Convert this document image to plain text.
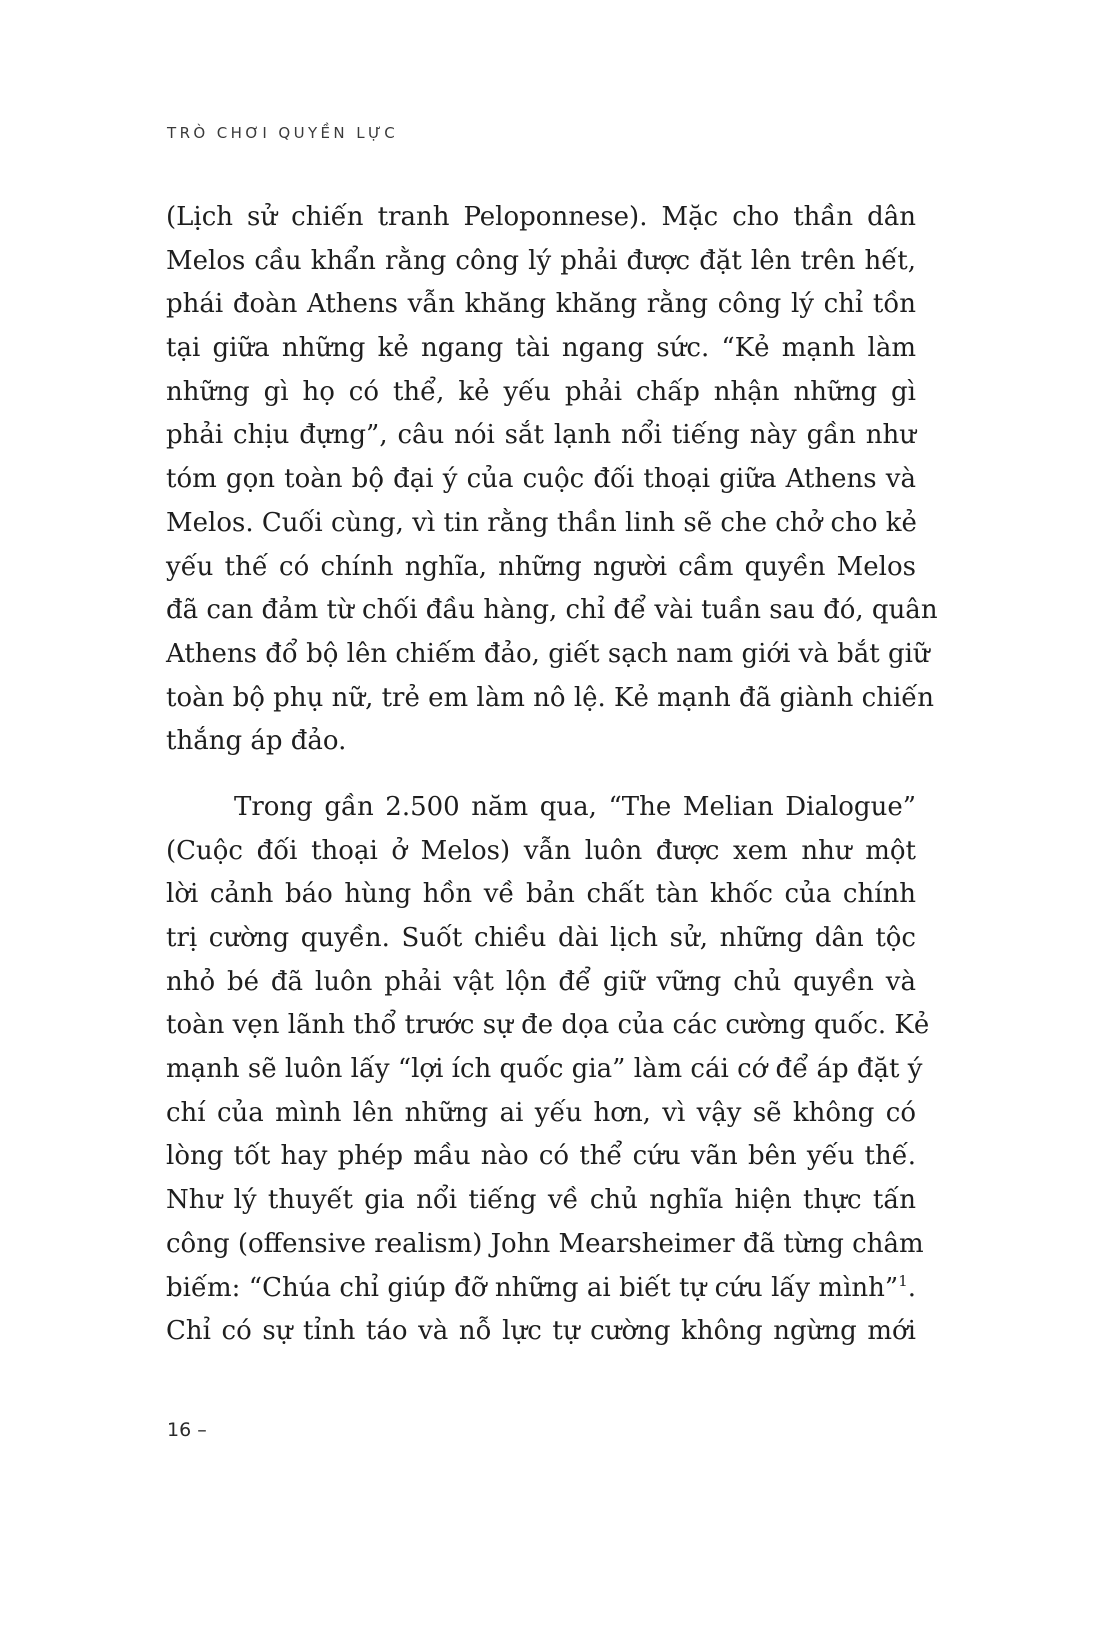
TRÒ CHƠI QUYỀN LỰC
(Lịch sử chiến tranh Peloponnese). Mặc cho thần dân
Melos cầu khẩn rằng công lý phải được đặt lên trên hết,
phái đoàn Athens vẫn khăng khăng rằng công lý chỉ tồn
tại giữa những kẻ ngang tài ngang sức. “Kẻ mạnh làm
những gì họ có thể, kẻ yếu phải chấp nhận những gì
phải chịu đựng”, câu nói sắt lạnh nổi tiếng này gần như
tóm gọn toàn bộ đại ý của cuộc đối thoại giữa Athens và
Melos. Cuối cùng, vì tin rằng thần linh sẽ che chở cho kẻ
yếu thế có chính nghĩa, những người cầm quyền Melos
đã can đảm từ chối đầu hàng, chỉ để vài tuần sau đó, quân
Athens đổ bộ lên chiếm đảo, giết sạch nam giới và bắt giữ
toàn bộ phụ nữ, trẻ em làm nô lệ. Kẻ mạnh đã giành chiến
thắng áp đảo.
Trong gần 2.500 năm qua, “The Melian Dialogue”
(Cuộc đối thoại ở Melos) vẫn luôn được xem như một
lời cảnh báo hùng hồn về bản chất tàn khốc của chính
trị cường quyền. Suốt chiều dài lịch sử, những dân tộc
nhỏ bé đã luôn phải vật lộn để giữ vững chủ quyền và
toàn vẹn lãnh thổ trước sự đe dọa của các cường quốc. Kẻ
mạnh sẽ luôn lấy “lợi ích quốc gia” làm cái cớ để áp đặt ý
chí của mình lên những ai yếu hơn, vì vậy sẽ không có
lòng tốt hay phép mầu nào có thể cứu vãn bên yếu thế.
Như lý thuyết gia nổi tiếng về chủ nghĩa hiện thực tấn
công (offensive realism) John Mearsheimer đã từng châm
biếm: “Chúa chỉ giúp đỡ những ai biết tự cứu lấy mình”$^1$.
Chỉ có sự tỉnh táo và nỗ lực tự cường không ngừng mới
16 –
